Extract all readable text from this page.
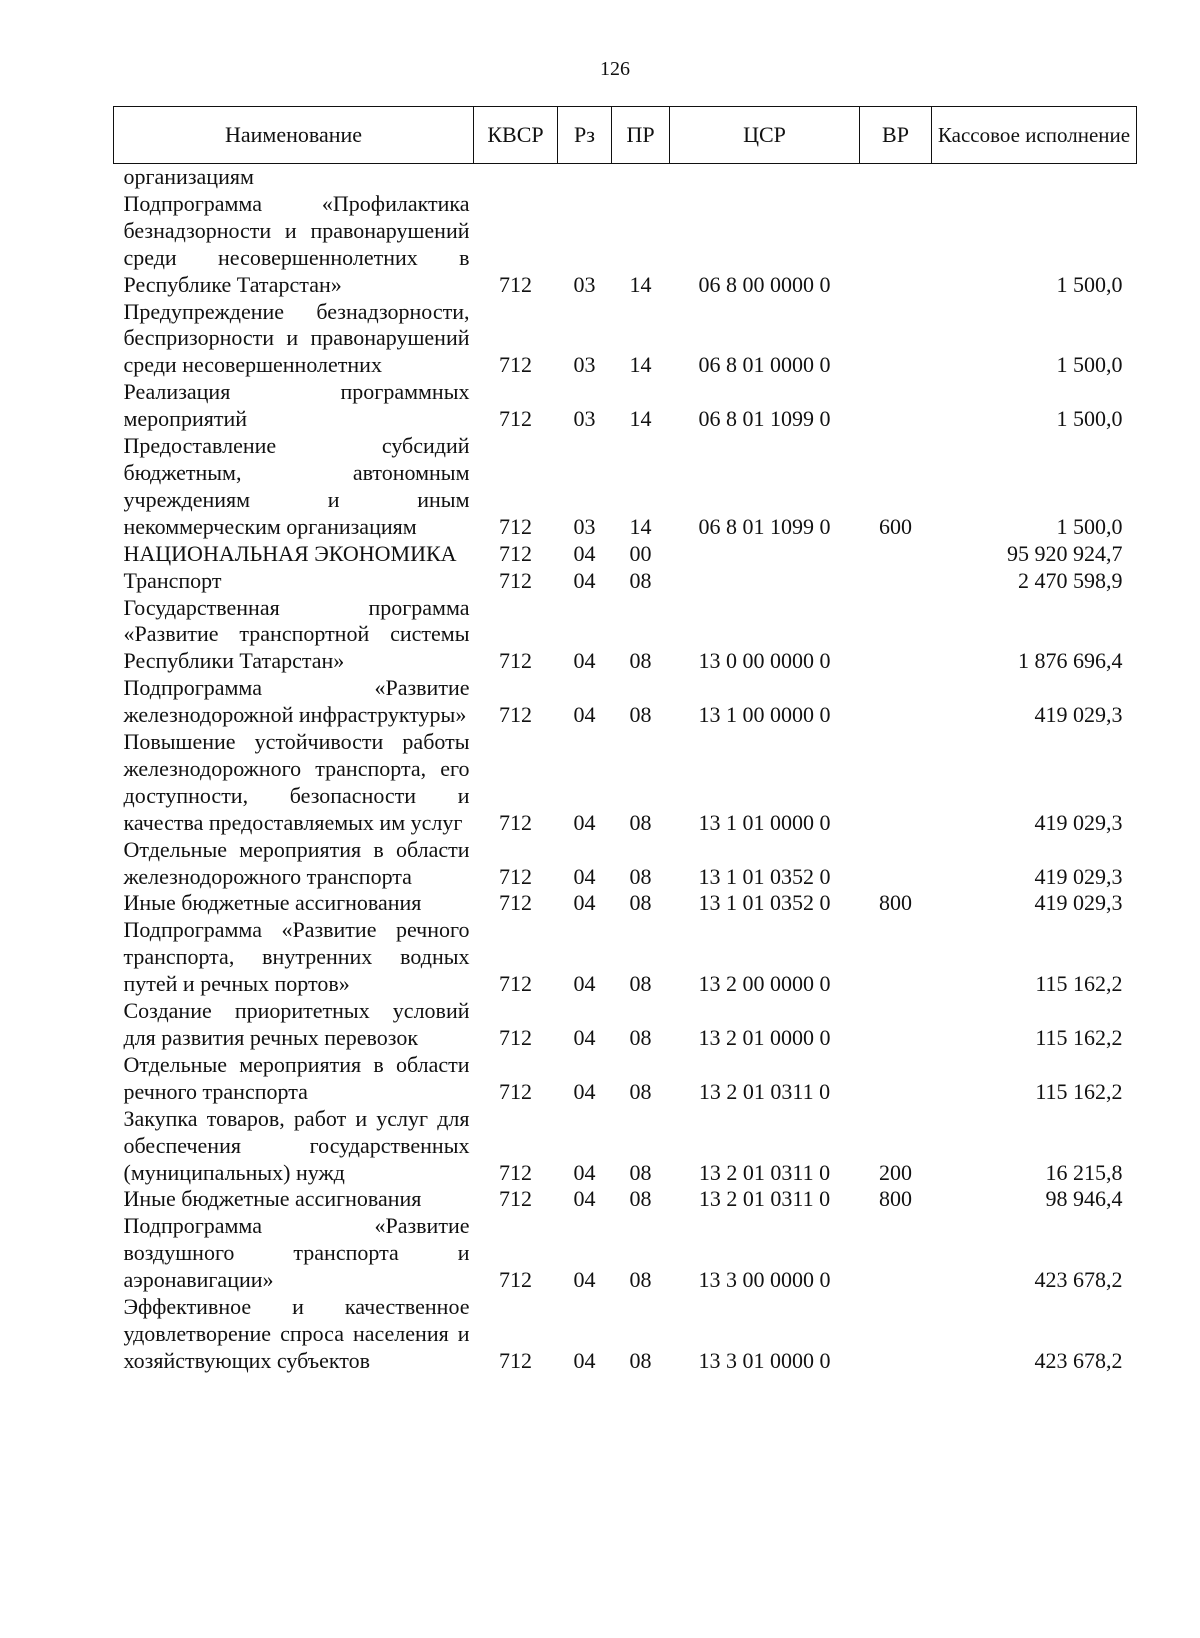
126
Наименование	КВСР	Рз	ПР	ЦСР	ВР	Кассовое исполнение
организациям						
Подпрограмма «Профилактика безнадзорности и правонарушений среди несовершеннолетних в Республике Татарстан»	712	03	14	06 8 00 0000 0		1 500,0
Предупреждение безнадзорности, беспризорности и правонарушений среди несовершеннолетних	712	03	14	06 8 01 0000 0		1 500,0
Реализация программных мероприятий	712	03	14	06 8 01 1099 0		1 500,0
Предоставление субсидий бюджетным, автономным учреждениям и иным некоммерческим организациям	712	03	14	06 8 01 1099 0	600	1 500,0
НАЦИОНАЛЬНАЯ ЭКОНОМИКА	712	04	00			95 920 924,7
Транспорт	712	04	08			2 470 598,9
Государственная программа «Развитие транспортной системы Республики Татарстан»	712	04	08	13 0 00 0000 0		1 876 696,4
Подпрограмма «Развитие железнодорожной инфраструктуры»	712	04	08	13 1 00 0000 0		419 029,3
Повышение устойчивости работы железнодорожного транспорта, его доступности, безопасности и качества предоставляемых им услуг	712	04	08	13 1 01 0000 0		419 029,3
Отдельные мероприятия в области железнодорожного транспорта	712	04	08	13 1 01 0352 0		419 029,3
Иные бюджетные ассигнования	712	04	08	13 1 01 0352 0	800	419 029,3
Подпрограмма «Развитие речного транспорта, внутренних водных путей и речных портов»	712	04	08	13 2 00 0000 0		115 162,2
Создание приоритетных условий для развития речных перевозок	712	04	08	13 2 01 0000 0		115 162,2
Отдельные мероприятия в области речного транспорта	712	04	08	13 2 01 0311 0		115 162,2
Закупка товаров, работ и услуг для обеспечения государственных (муниципальных) нужд	712	04	08	13 2 01 0311 0	200	16 215,8
Иные бюджетные ассигнования	712	04	08	13 2 01 0311 0	800	98 946,4
Подпрограмма «Развитие воздушного транспорта и аэронавигации»	712	04	08	13 3 00 0000 0		423 678,2
Эффективное и качественное удовлетворение спроса населения и хозяйствующих субъектов	712	04	08	13 3 01 0000 0		423 678,2
